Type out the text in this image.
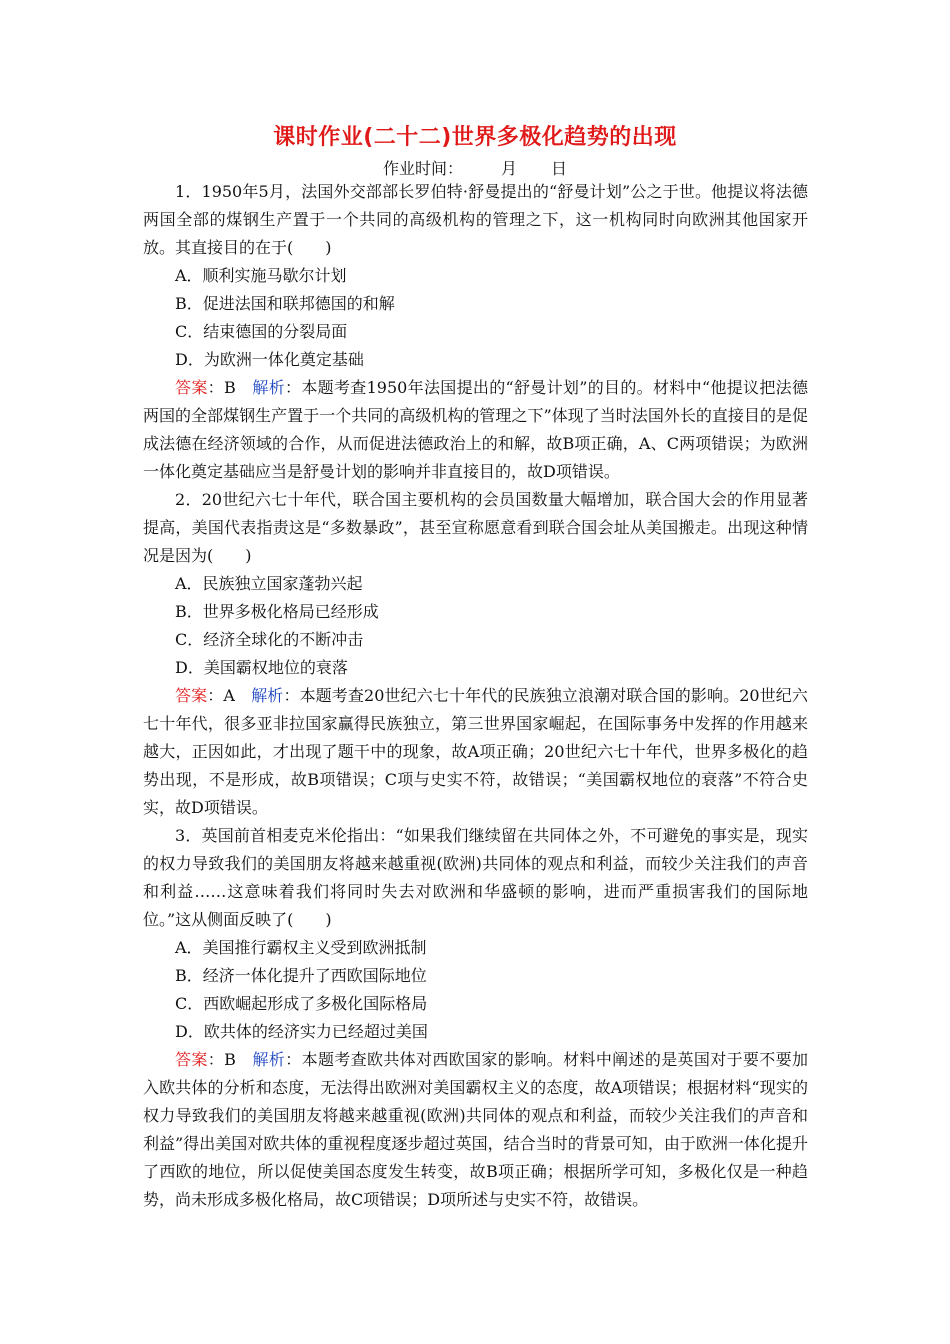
课时作业(二十二)世界多极化趋势的出现
作业时间： 月 日

1．1950年5月，法国外交部部长罗伯特·舒曼提出的“舒曼计划”公之于世。他提议将法德两国全部的煤钢生产置于一个共同的高级机构的管理之下，这一机构同时向欧洲其他国家开放。其直接目的在于(　　)

A．顺利实施马歇尔计划

B．促进法国和联邦德国的和解

C．结束德国的分裂局面

D．为欧洲一体化奠定基础

答案：B　 解析：本题考查1950年法国提出的“舒曼计划”的目的。材料中“他提议把法德两国的全部煤钢生产置于一个共同的高级机构的管理之下”体现了当时法国外长的直接目的是促成法德在经济领域的合作，从而促进法德政治上的和解，故B项正确，A、C两项错误；为欧洲一体化奠定基础应当是舒曼计划的影响并非直接目的，故D项错误。

2．20世纪六七十年代，联合国主要机构的会员国数量大幅增加，联合国大会的作用显著提高，美国代表指责这是“多数暴政”，甚至宣称愿意看到联合国会址从美国搬走。出现这种情况是因为(　　)

A．民族独立国家蓬勃兴起

B．世界多极化格局已经形成

C．经济全球化的不断冲击

D．美国霸权地位的衰落

答案：A　 解析：本题考查20世纪六七十年代的民族独立浪潮对联合国的影响。20世纪六七十年代，很多亚非拉国家赢得民族独立，第三世界国家崛起，在国际事务中发挥的作用越来越大，正因如此，才出现了题干中的现象，故A项正确；20世纪六七十年代，世界多极化的趋势出现，不是形成，故B项错误；C项与史实不符，故错误；“美国霸权地位的衰落”不符合史实，故D项错误。

3．英国前首相麦克米伦指出：“如果我们继续留在共同体之外，不可避免的事实是，现实的权力导致我们的美国朋友将越来越重视(欧洲)共同体的观点和利益，而较少关注我们的声音和利益……这意味着我们将同时失去对欧洲和华盛顿的影响，进而严重损害我们的国际地位。”这从侧面反映了(　　)

A．美国推行霸权主义受到欧洲抵制

B．经济一体化提升了西欧国际地位

C．西欧崛起形成了多极化国际格局

D．欧共体的经济实力已经超过美国

答案：B　 解析：本题考查欧共体对西欧国家的影响。材料中阐述的是英国对于要不要加入欧共体的分析和态度，无法得出欧洲对美国霸权主义的态度，故A项错误；根据材料“现实的权力导致我们的美国朋友将越来越重视(欧洲)共同体的观点和利益，而较少关注我们的声音和利益”得出美国对欧共体的重视程度逐步超过英国，结合当时的背景可知，由于欧洲一体化提升了西欧的地位，所以促使美国态度发生转变，故B项正确；根据所学可知，多极化仅是一种趋势，尚未形成多极化格局，故C项错误；D项所述与史实不符，故错误。
